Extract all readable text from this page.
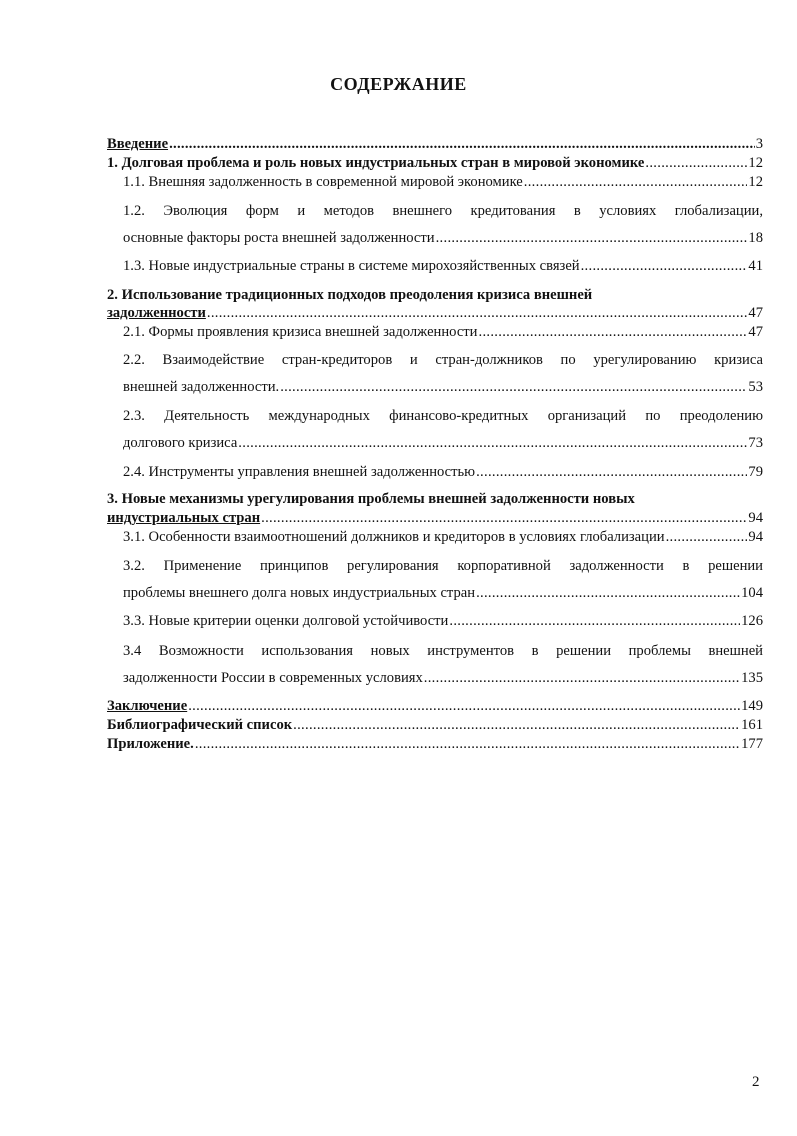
СОДЕРЖАНИЕ
Введение .....	3
1. Долговая проблема и роль новых индустриальных стран в мировой экономике .....	12
1.1. Внешняя задолженность в современной мировой экономике .....	12
1.2. Эволюция форм и методов внешнего кредитования в условиях глобализации,
основные факторы роста внешней задолженности .....	18
1.3. Новые индустриальные страны в системе мирохозяйственных связей .....	41
2. Использование традиционных подходов преодоления кризиса внешней
задолженности .....	47
2.1. Формы проявления кризиса внешней задолженности .....	47
2.2. Взаимодействие стран-кредиторов и стран-должников по урегулированию кризиса
внешней задолженности. .....	53
2.3. Деятельность международных финансово-кредитных организаций по преодолению
долгового кризиса .....	73
2.4. Инструменты управления внешней задолженностью .....	79
3. Новые механизмы урегулирования проблемы внешней задолженности новых
индустриальных стран .....	94
3.1. Особенности взаимоотношений должников и кредиторов в условиях глобализации .....	94
3.2. Применение принципов регулирования корпоративной задолженности в решении
проблемы внешнего долга новых индустриальных стран .....	104
3.3. Новые критерии оценки долговой устойчивости .....	126
3.4 Возможности использования новых инструментов в решении проблемы внешней
задолженности России в современных условиях .....	135
Заключение .....	149
Библиографический список .....	161
Приложение. .....	177
2
